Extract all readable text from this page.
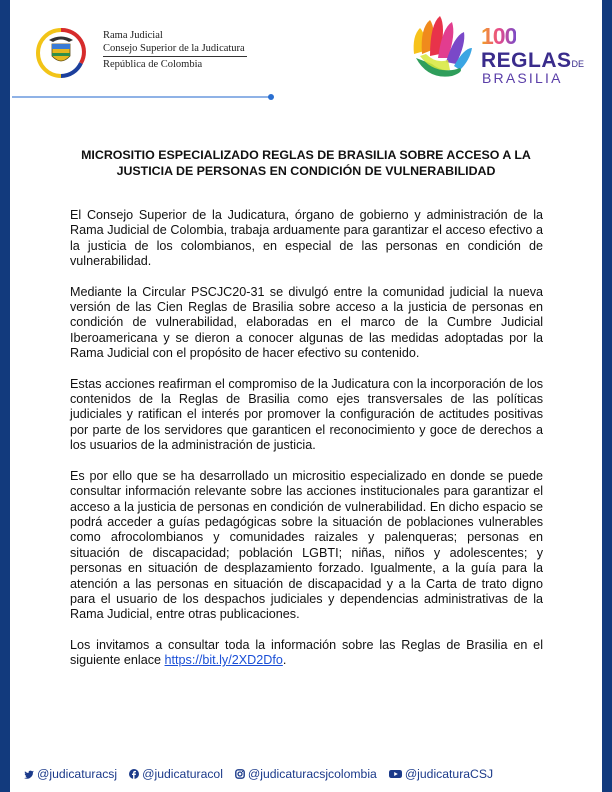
Rama Judicial
Consejo Superior de la Judicatura
República de Colombia
100
REGLASDE
BRASILIA
MICROSITIO ESPECIALIZADO REGLAS DE BRASILIA SOBRE ACCESO A LA JUSTICIA DE PERSONAS EN CONDICIÓN DE VULNERABILIDAD

El Consejo Superior de la Judicatura, órgano de gobierno y administración de la Rama Judicial de Colombia, trabaja arduamente para garantizar el acceso efectivo a la justicia de los colombianos, en especial de las personas en condición de vulnerabilidad.

Mediante la Circular PSCJC20-31 se divulgó entre la comunidad judicial la nueva versión de las Cien Reglas de Brasilia sobre acceso a la justicia de personas en condición de vulnerabilidad, elaboradas en el marco de la Cumbre Judicial Iberoamericana y se dieron a conocer algunas de las medidas adoptadas por la Rama Judicial con el propósito de hacer efectivo su contenido.

Estas acciones reafirman el compromiso de la Judicatura con la incorporación de los contenidos de la Reglas de Brasilia como ejes transversales de las políticas judiciales y ratifican el interés por promover la configuración de actitudes positivas por parte de los servidores que garanticen el reconocimiento y goce de derechos a los usuarios de la administración de justicia.

Es por ello que se ha desarrollado un micrositio especializado en donde se puede consultar información relevante sobre las acciones institucionales para garantizar el acceso a la justicia de personas en condición de vulnerabilidad. En dicho espacio se podrá acceder a guías pedagógicas sobre la situación de poblaciones vulnerables como afrocolombianos y comunidades raizales y palenqueras; personas en situación de discapacidad; población LGBTI; niñas, niños y adolescentes; y personas en situación de desplazamiento forzado. Igualmente, a la guía para la atención a las personas en situación de discapacidad y a la Carta de trato digno para el usuario de los despachos judiciales y dependencias administrativas de la Rama Judicial, entre otras publicaciones.

Los invitamos a consultar toda la información sobre las Reglas de Brasilia en el siguiente enlace https://bit.ly/2XD2Dfo.

@judicaturacsj @judicaturacol @judicaturacsjcolombia @judicaturaCSJ
